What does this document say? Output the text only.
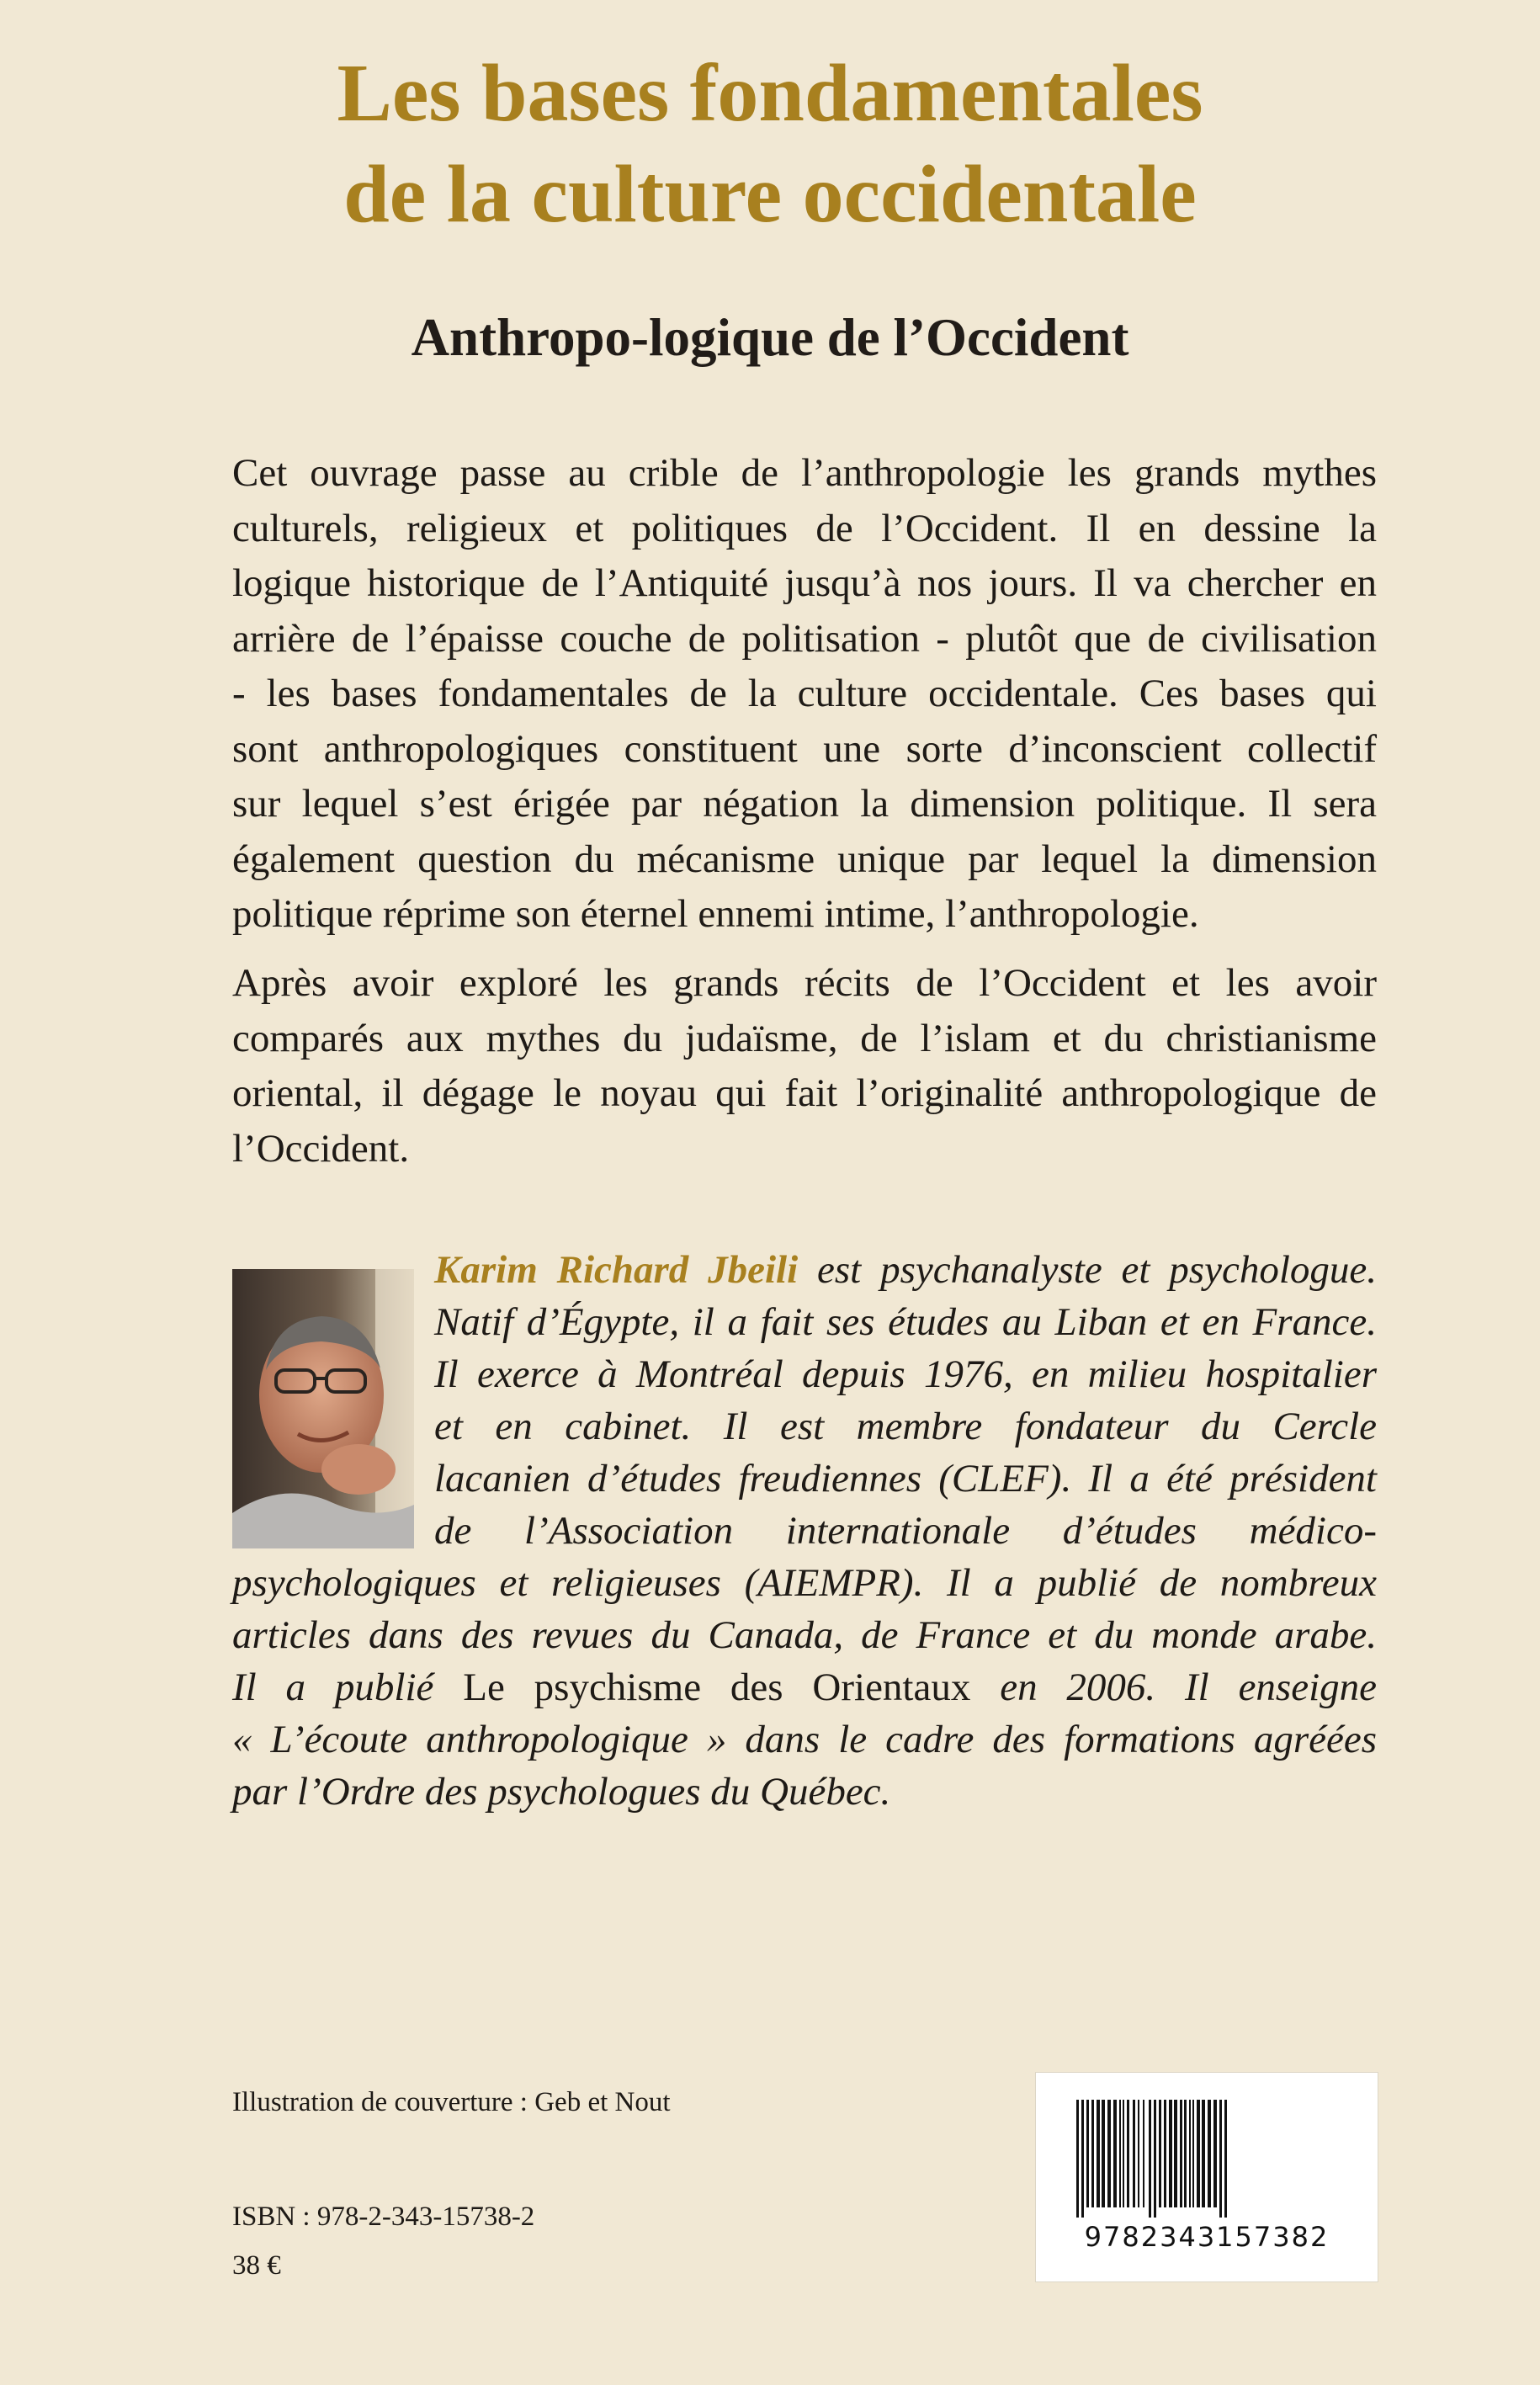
Les bases fondamentales
de la culture occidentale
Anthropo-logique de l’Occident

Cet ouvrage passe au crible de l’anthropologie les grands mythes
culturels, religieux et politiques de l’Occident. Il en dessine la
logique historique de l’Antiquité jusqu’à nos jours. Il va chercher en
arrière de l’épaisse couche de politisation - plutôt que de civilisation
- les bases fondamentales de la culture occidentale. Ces bases qui
sont anthropologiques constituent une sorte d’inconscient collectif
sur lequel s’est érigée par négation la dimension politique. Il sera
également question du mécanisme unique par lequel la dimension
politique réprime son éternel ennemi intime, l’anthropologie.

Après avoir exploré les grands récits de l’Occident et les avoir
comparés aux mythes du judaïsme, de l’islam et du christianisme
oriental, il dégage le noyau qui fait l’originalité anthropologique de
l’Occident.

Karim Richard Jbeili est psychanalyste et psychologue.
Natif d’Égypte, il a fait ses études au Liban et en France.
Il exerce à Montréal depuis 1976, en milieu hospitalier
et en cabinet. Il est membre fondateur du Cercle
lacanien d’études freudiennes (CLEF). Il a été président
de l’Association internationale d’études médico-
psychologiques et religieuses (AIEMPR). Il a publié de nombreux
articles dans des revues du Canada, de France et du monde arabe.
Il a publié Le psychisme des Orientaux en 2006. Il enseigne
« L’écoute anthropologique » dans le cadre des formations agréées
par l’Ordre des psychologues du Québec.

Illustration de couverture : Geb et Nout

ISBN : 978-2-343-15738-2

38 €

9782343157382
